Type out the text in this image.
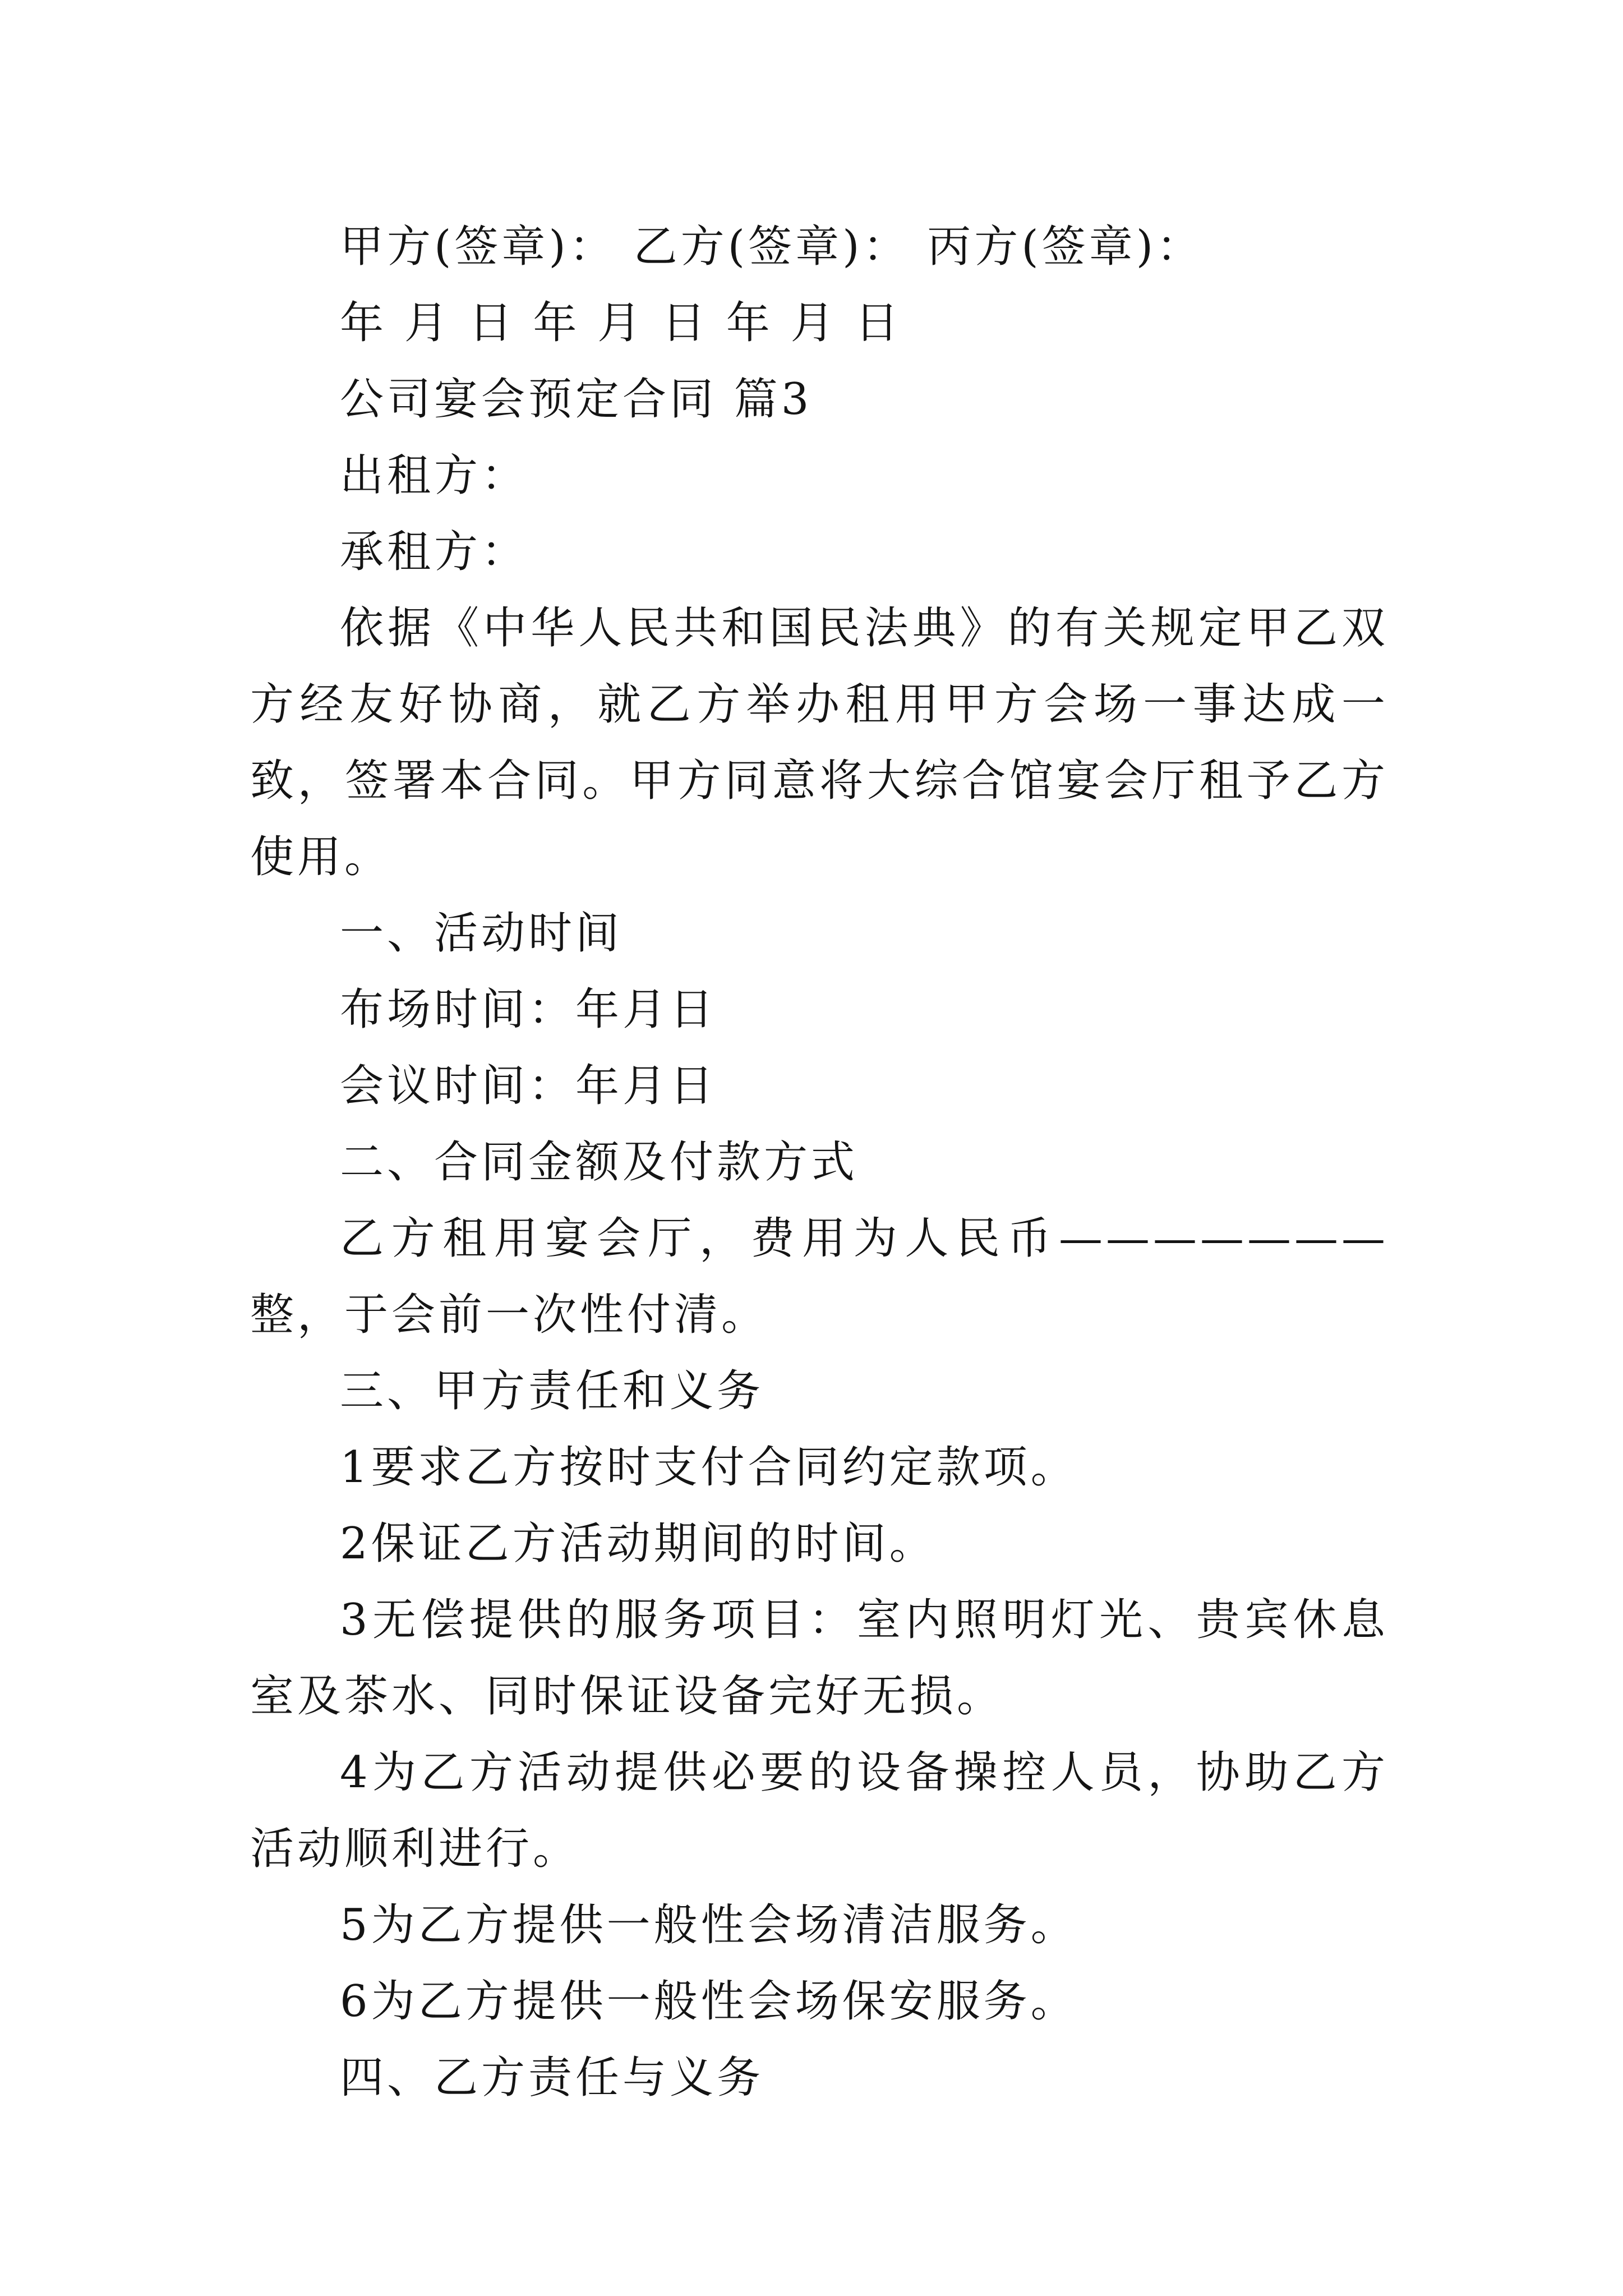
甲方(签章)： 乙方(签章)： 丙方(签章)：

年 月 日 年 月 日 年 月 日

公司宴会预定合同 篇3

出租方：

承租方：

依据《中华人民共和国民法典》的有关规定甲乙双方经友好协商，就乙方举办租用甲方会场一事达成一致，签署本合同。甲方同意将大综合馆宴会厅租予乙方使用。

一、活动时间

布场时间：年月日

会议时间：年月日

二、合同金额及付款方式

乙方租用宴会厅，费用为人民币———————整，于会前一次性付清。

三、甲方责任和义务

1要求乙方按时支付合同约定款项。

2保证乙方活动期间的时间。

3无偿提供的服务项目：室内照明灯光、贵宾休息室及茶水、同时保证设备完好无损。

4为乙方活动提供必要的设备操控人员，协助乙方活动顺利进行。

5为乙方提供一般性会场清洁服务。

6为乙方提供一般性会场保安服务。

四、乙方责任与义务
